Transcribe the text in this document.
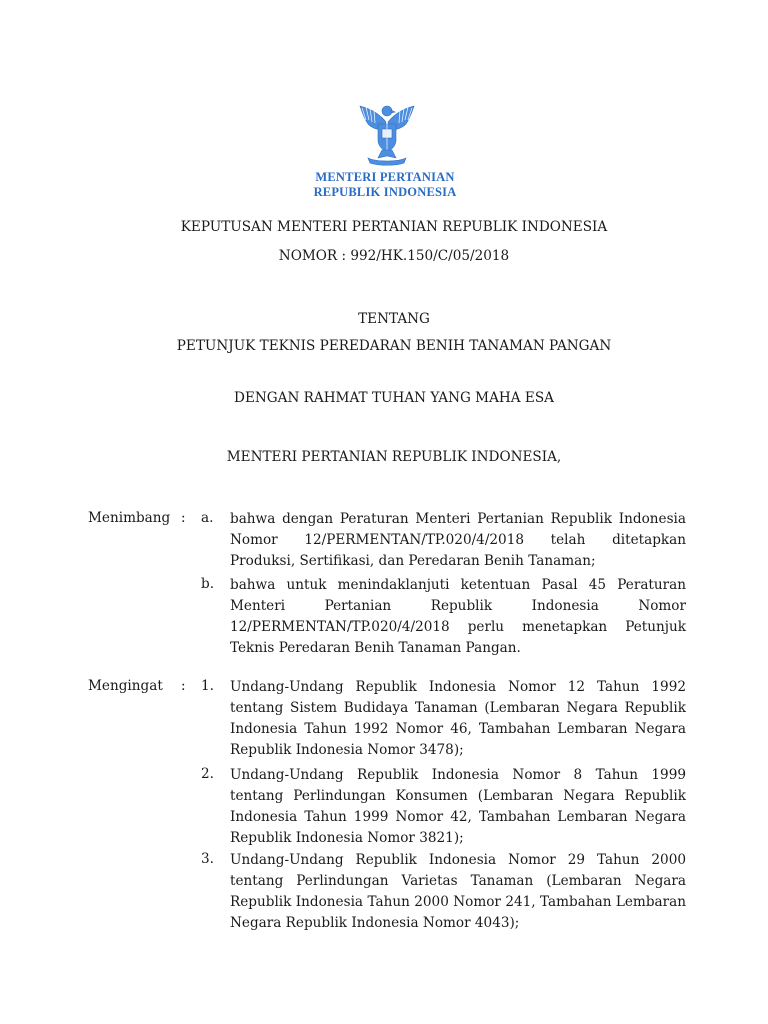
MENTERI PERTANIAN
REPUBLIK INDONESIA
KEPUTUSAN MENTERI PERTANIAN REPUBLIK INDONESIA
NOMOR : 992/HK.150/C/05/2018
TENTANG
PETUNJUK TEKNIS PEREDARAN BENIH TANAMAN PANGAN
DENGAN RAHMAT TUHAN YANG MAHA ESA
MENTERI PERTANIAN REPUBLIK INDONESIA,
Menimbang : a. bahwa dengan Peraturan Menteri Pertanian Republik Indonesia Nomor 12/PERMENTAN/TP.020/4/2018 telah ditetapkan Produksi, Sertifikasi, dan Peredaran Benih Tanaman;
b. bahwa untuk menindaklanjuti ketentuan Pasal 45 Peraturan Menteri Pertanian Republik Indonesia Nomor 12/PERMENTAN/TP.020/4/2018 perlu menetapkan Petunjuk Teknis Peredaran Benih Tanaman Pangan.
Mengingat : 1. Undang-Undang Republik Indonesia Nomor 12 Tahun 1992 tentang Sistem Budidaya Tanaman (Lembaran Negara Republik Indonesia Tahun 1992 Nomor 46, Tambahan Lembaran Negara Republik Indonesia Nomor 3478);
2. Undang-Undang Republik Indonesia Nomor 8 Tahun 1999 tentang Perlindungan Konsumen (Lembaran Negara Republik Indonesia Tahun 1999 Nomor 42, Tambahan Lembaran Negara Republik Indonesia Nomor 3821);
3. Undang-Undang Republik Indonesia Nomor 29 Tahun 2000 tentang Perlindungan Varietas Tanaman (Lembaran Negara Republik Indonesia Tahun 2000 Nomor 241, Tambahan Lembaran Negara Republik Indonesia Nomor 4043);
